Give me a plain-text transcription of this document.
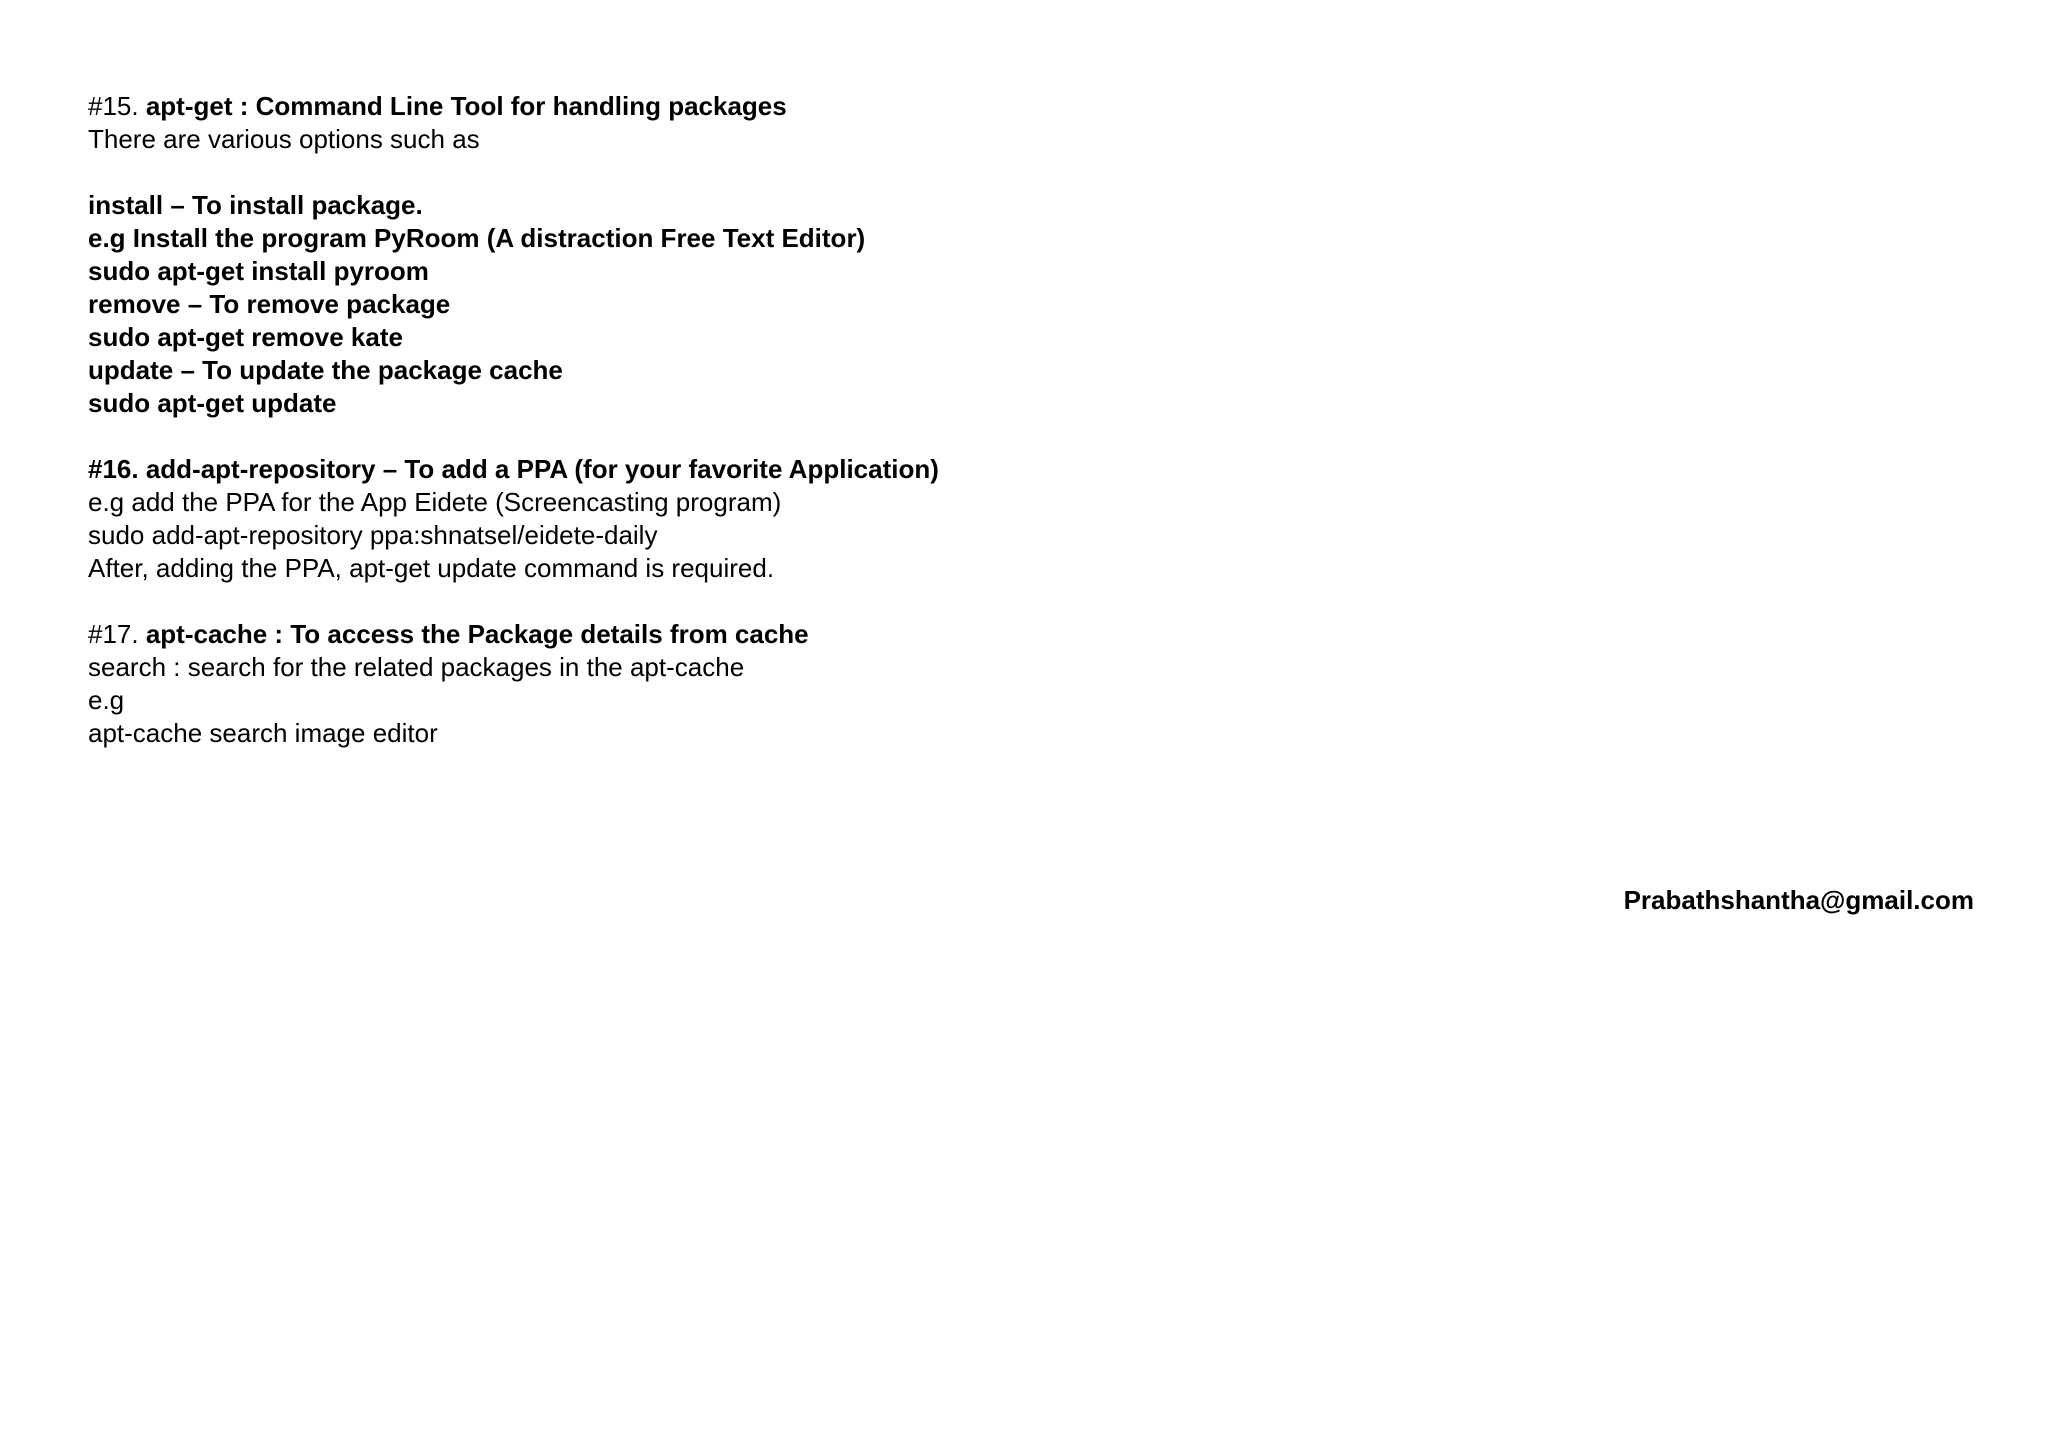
#15. apt-get : Command Line Tool for handling packages
There are various options such as
install – To install package.
e.g Install the program PyRoom (A distraction Free Text Editor)
sudo apt-get install pyroom
remove – To remove package
sudo apt-get remove kate
update – To update the package cache
sudo apt-get update
#16. add-apt-repository – To add a PPA (for your favorite Application)
e.g add the PPA for the App Eidete (Screencasting program)
sudo add-apt-repository ppa:shnatsel/eidete-daily
After, adding the PPA, apt-get update command is required.
#17. apt-cache : To access the Package details from cache
search : search for the related packages in the apt-cache
e.g
apt-cache search image editor
Prabathshantha@gmail.com
